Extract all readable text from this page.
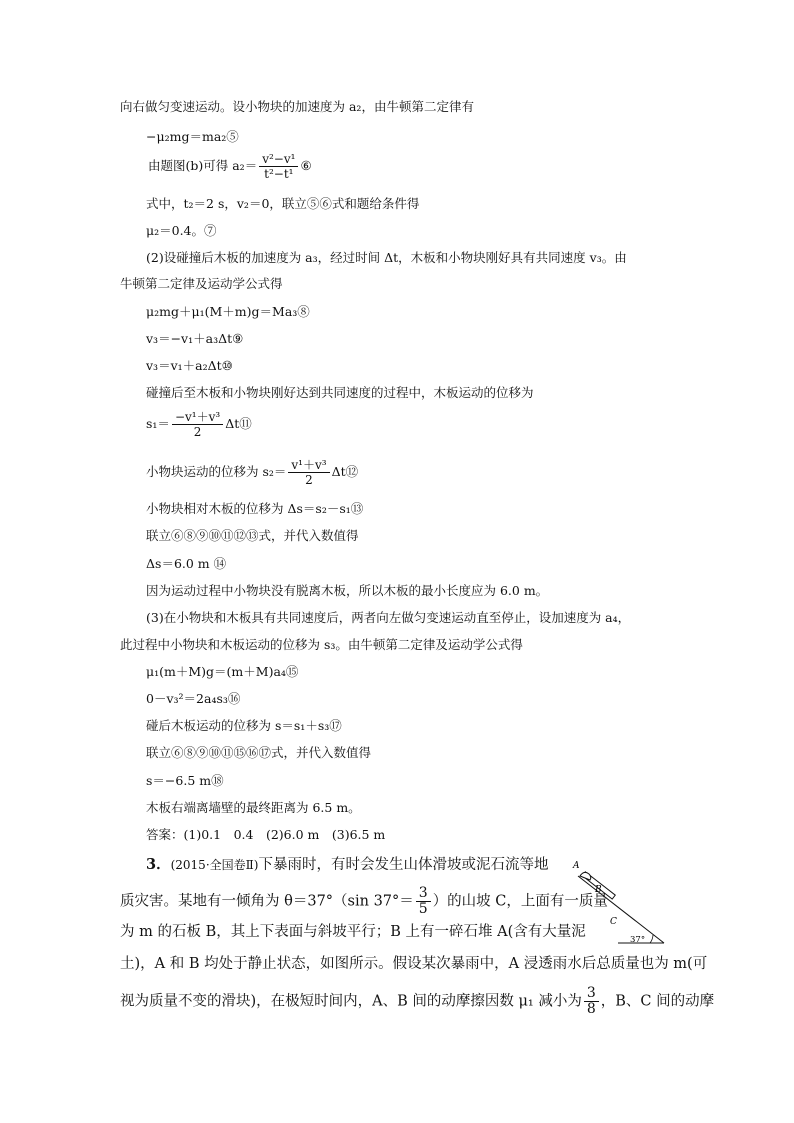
向右做匀变速运动。设小物块的加速度为 a₂，由牛顿第二定律有
−μ₂mg＝ma₂⑤
由题图(b)可得 $a_2= \frac{\text{v²−v¹}}{\text{t²−t¹}}$ ⑥
式中，t₂＝2 s，v₂＝0，联立⑤⑥式和题给条件得
μ₂＝0.4。⑦
(2)设碰撞后木板的加速度为 a₃，经过时间 Δt，木板和小物块刚好具有共同速度 v₃。由
牛顿第二定律及运动学公式得
μ₂mg＋μ₁(M＋m)g＝Ma₃⑧
v₃＝−v₁＋a₃Δt⑨
v₃＝v₁＋a₂Δt⑩
碰撞后至木板和小物块刚好达到共同速度的过程中，木板运动的位移为
$s_1= \frac{\text{−v¹＋v³}}{2}$ Δt⑪
小物块运动的位移为 $s_2= \frac{\text{v¹＋v³}}{2}$ Δt⑫
小物块相对木板的位移为 Δs＝s₂－s₁⑬
联立⑥⑧⑨⑩⑪⑫⑬式，并代入数值得
Δs＝6.0 m ⑭
因为运动过程中小物块没有脱离木板，所以木板的最小长度应为 6.0 m。
(3)在小物块和木板具有共同速度后，两者向左做匀变速运动直至停止，设加速度为 a₄，
此过程中小物块和木板运动的位移为 s₃。由牛顿第二定律及运动学公式得
μ₁(m＋M)g＝(m＋M)a₄⑮
0－v₃²＝2a₄s₃⑯
碰后木板运动的位移为 s＝s₁＋s₃⑰
联立⑥⑧⑨⑩⑪⑮⑯⑰式，并代入数值得
s＝−6.5 m⑱
木板右端离墙壁的最终距离为 6.5 m。
答案：(1)0.1　0.4　(2)6.0 m　(3)6.5 m
3．(2015·全国卷Ⅱ)下暴雨时，有时会发生山体滑坡或泥石流等地
质灾害。某地有一倾角为 θ＝37°（sin $37^\circ= \frac{3}{5}$ ）的山坡 C，上面有一质量
为 m 的石板 B，其上下表面与斜坡平行；B 上有一碎石堆 A(含有大量泥
土)，A 和 B 均处于静止状态，如图所示。假设某次暴雨中，A 浸透雨水后总质量也为 m(可
视为质量不变的滑块)，在极短时间内，A、B 间的动摩擦因数 μ₁ 减小为 $\frac{3}{8}$ ，B、C 间的动摩
A
B
C
37°
